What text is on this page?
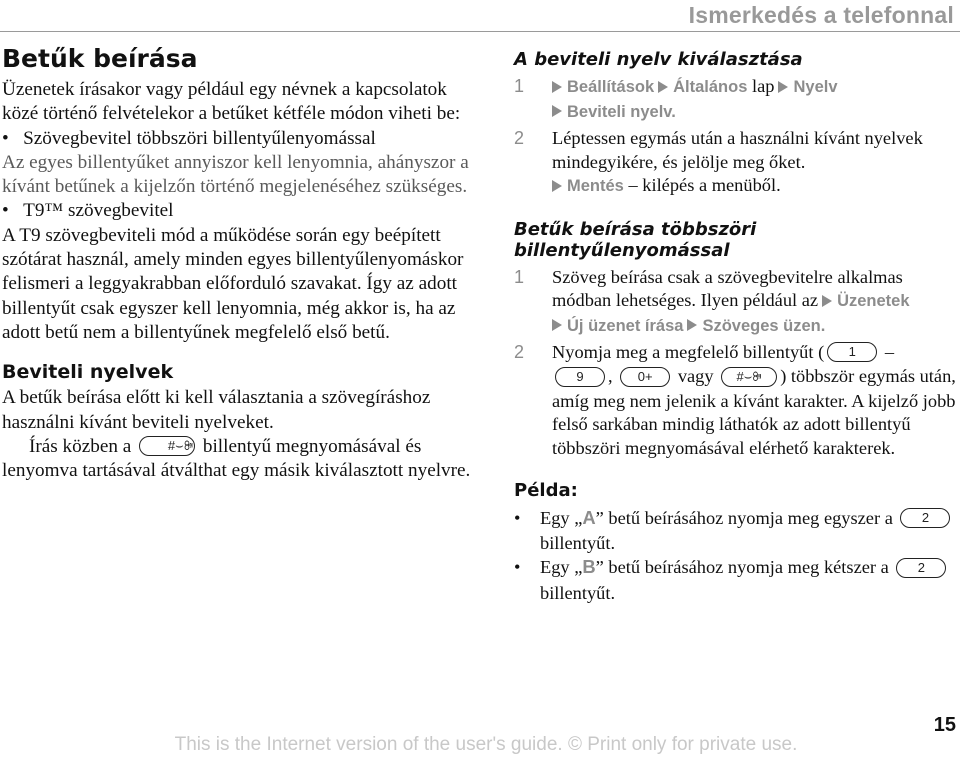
Ismerkedés a telefonnal
Betűk beírása

Üzenetek írásakor vagy például egy névnek a kapcsolatok közé történő felvételekor a betűket kétféle módon viheti be:

•   Szövegbevitel többszöri billentyűlenyomással

Az egyes billentyűket annyiszor kell lenyomnia, ahányszor a kívánt betűnek a kijelzőn történő megjelenéséhez szükséges.

•   T9™ szövegbevitel

A T9 szövegbeviteli mód a működése során egy beépített szótárat használ, amely minden egyes billentyűlenyomáskor felismeri a leggyakrabban előforduló szavakat. Így az adott billentyűt csak egyszer kell lenyomnia, még akkor is, ha az adott betű nem a billentyűnek megfelelő első betű.

Beviteli nyelvek

A betűk beírása előtt ki kell választania a szövegíráshoz használni kívánt beviteli nyelveket.

Írás közben a	#⌣ꔭ billentyű megnyomásával és lenyomva tartásával átválthat egy másik kiválasztott nyelvre.

A beviteli nyelv kiválasztása
1	Beállítások Általános lap Nyelv
Beviteli nyelv.
2	Léptessen egymás után a használni kívánt nyelvek mindegyikére, és jelölje meg őket.
Mentés – kilépés a menüből.
Betűk beírása többszöri billentyűlenyomással
1	Szöveg beírása csak a szövegbevitelre alkalmas módban lehetséges. Ilyen például az Üzenetek
Új üzenet írása Szöveges üzen.
2	Nyomja meg a megfelelő billentyűt ( 1 –
9 , 0+ vagy #⌣ꔭ ) többször egymás után, amíg meg nem jelenik a kívánt karakter. A kijelző jobb felső sarkában mindig láthatók az adott billentyű többszöri megnyomásával elérhető karakterek.
Példa:
•	Egy „A” betű beírásához nyomja meg egyszer a 2 billentyűt.
•	Egy „B” betű beírásához nyomja meg kétszer a 2 billentyűt.
15
This is the Internet version of the user's guide. © Print only for private use.
